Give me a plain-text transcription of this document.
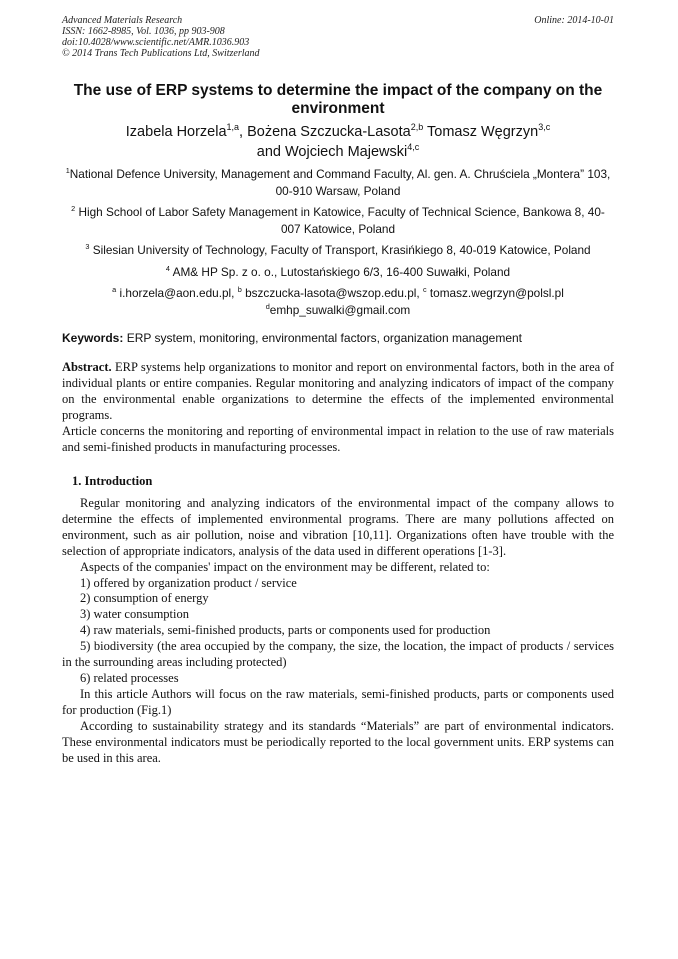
Advanced Materials Research
ISSN: 1662-8985, Vol. 1036, pp 903-908
doi:10.4028/www.scientific.net/AMR.1036.903
© 2014 Trans Tech Publications Ltd, Switzerland
Online: 2014-10-01
The use of ERP systems to determine the impact of the company on the environment
Izabela Horzela$^{1,a}$, Bożena Szczucka-Lasota$^{2,b}$ Tomasz Węgrzyn$^{3,c}$
and Wojciech Majewski$^{4,c}$

$^1$National Defence University, Management and Command Faculty, Al. gen. A. Chruściela „Montera” 103, 00-910 Warsaw, Poland

$^2$ High School of Labor Safety Management in Katowice, Faculty of Technical Science, Bankowa 8, 40-007 Katowice, Poland

$^3$ Silesian University of Technology, Faculty of Transport, Krasińkiego 8, 40-019 Katowice, Poland

$^4$ AM& HP Sp. z o. o., Lutostańskiego 6/3, 16-400 Suwałki, Poland

$^a$ i.horzela@aon.edu.pl, $^b$ bszczucka-lasota@wszop.edu.pl, $^c$ tomasz.wegrzyn@polsl.pl

$^d$emhp_suwalki@gmail.com

Keywords: ERP system, monitoring, environmental factors, organization management

Abstract. ERP systems help organizations to monitor and report on environmental factors, both in the area of individual plants or entire companies. Regular monitoring and analyzing indicators of impact of the company on the environmental enable organizations to determine the effects of the implemented environmental programs.

Article concerns the monitoring and reporting of environmental impact in relation to the use of raw materials and semi-finished products in manufacturing processes.

1. Introduction

Regular monitoring and analyzing indicators of the environmental impact of the company allows to determine the effects of implemented environmental programs. There are many pollutions affected on environment, such as air pollution, noise and vibration [10,11]. Organizations often have trouble with the selection of appropriate indicators, analysis of the data used in different operations [1-3].

Aspects of the companies' impact on the environment may be different, related to:

1) offered by organization product / service

2) consumption of energy

3) water consumption

4) raw materials, semi-finished products, parts or components used for production

5) biodiversity (the area occupied by the company, the size, the location, the impact of products / services in the surrounding areas including protected)

6) related processes

In this article Authors will focus on the raw materials, semi-finished products, parts or components used for production (Fig.1)

According to sustainability strategy and its standards “Materials” are part of environmental indicators. These environmental indicators must be periodically reported to the local government units. ERP systems can be used in this area.
